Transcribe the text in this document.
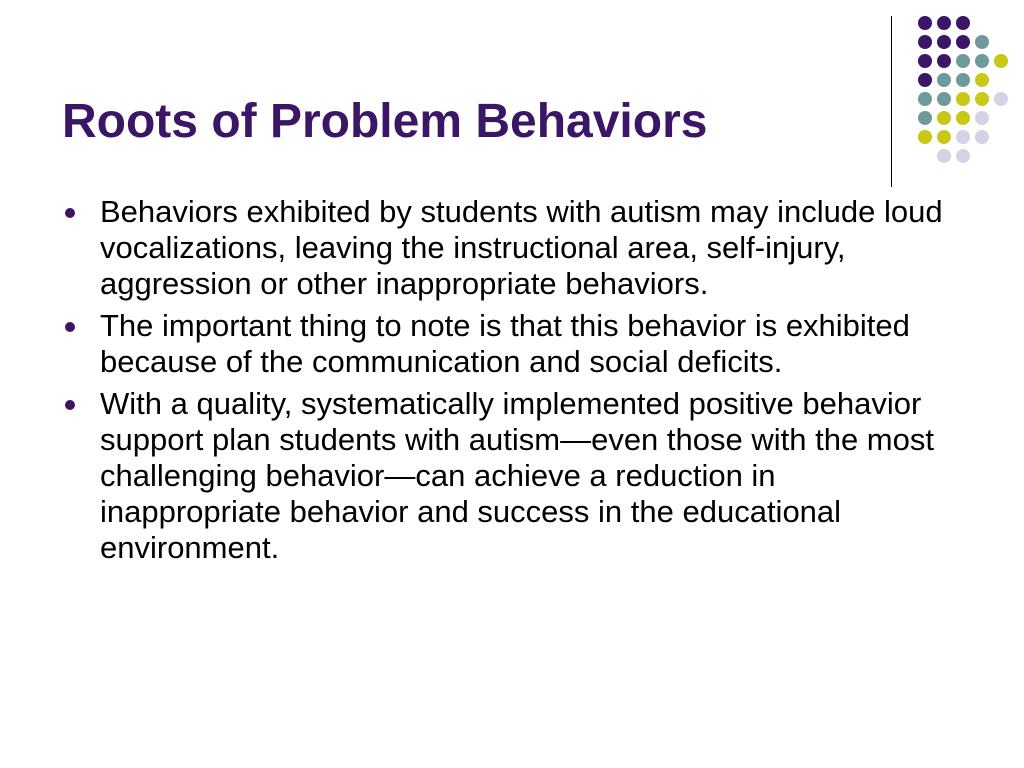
Roots of Problem Behaviors
Behaviors exhibited by students with autism may include loud vocalizations, leaving the instructional area, self-injury, aggression or other inappropriate behaviors.
The important thing to note is that this behavior is exhibited because of the communication and social deficits.
With a quality, systematically implemented positive behavior support plan students with autism—even those with the most challenging behavior—can achieve a reduction in inappropriate behavior and success in the educational environment.
